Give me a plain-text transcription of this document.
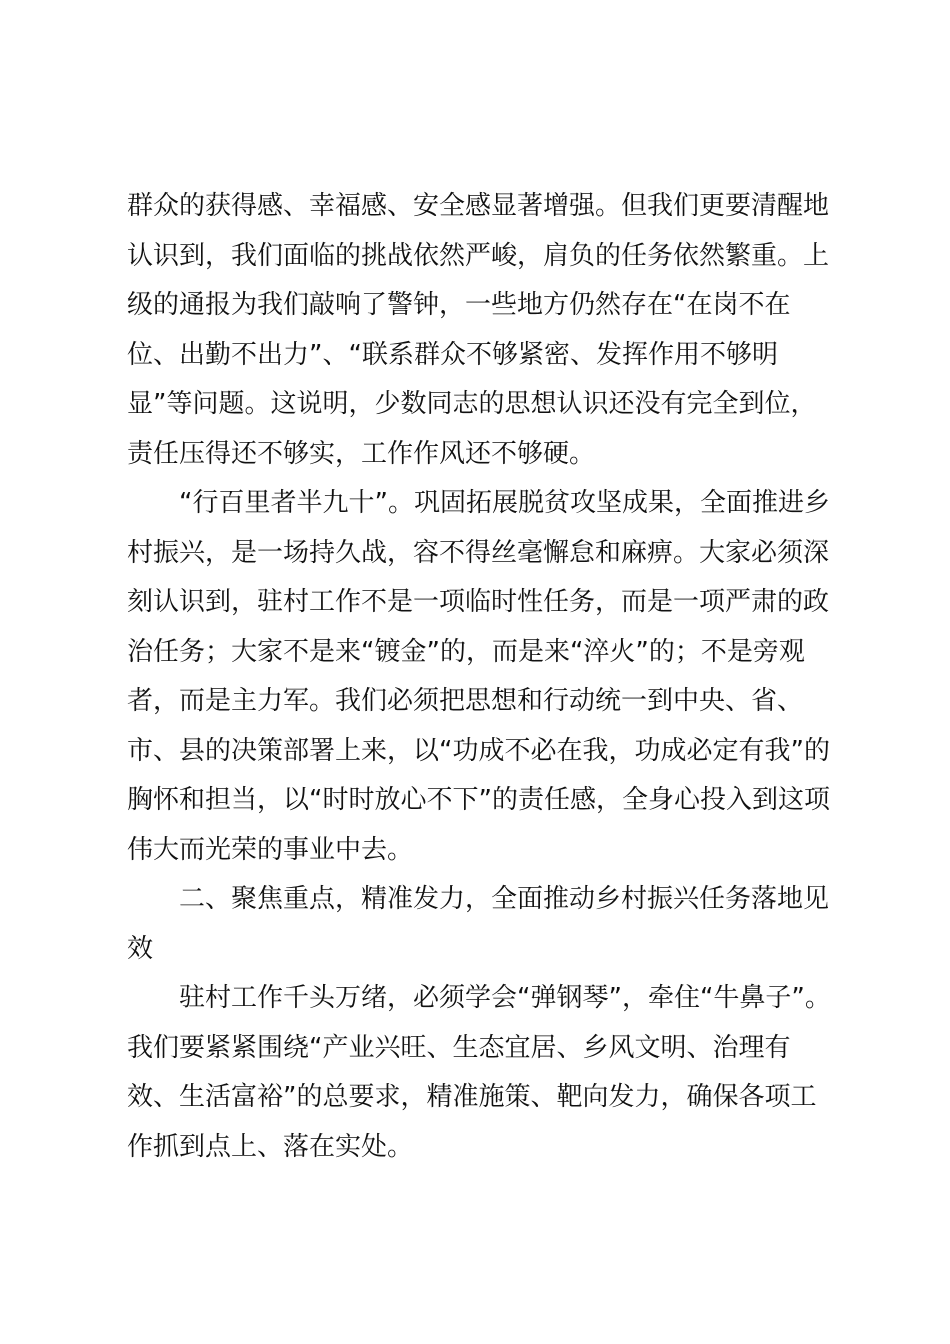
群众的获得感、幸福感、安全感显著增强。但我们更要清醒地认识到，我们面临的挑战依然严峻，肩负的任务依然繁重。上级的通报为我们敲响了警钟，一些地方仍然存在“在岗不在位、出勤不出力”、“联系群众不够紧密、发挥作用不够明显”等问题。这说明，少数同志的思想认识还没有完全到位，责任压得还不够实，工作作风还不够硬。

“行百里者半九十”。巩固拓展脱贫攻坚成果，全面推进乡村振兴，是一场持久战，容不得丝毫懈怠和麻痹。大家必须深刻认识到，驻村工作不是一项临时性任务，而是一项严肃的政治任务；大家不是来“镀金”的，而是来“淬火”的；不是旁观者，而是主力军。我们必须把思想和行动统一到中央、省、市、县的决策部署上来，以“功成不必在我，功成必定有我”的胸怀和担当，以“时时放心不下”的责任感，全身心投入到这项伟大而光荣的事业中去。

二、聚焦重点，精准发力，全面推动乡村振兴任务落地见效

驻村工作千头万绪，必须学会“弹钢琴”，牵住“牛鼻子”。我们要紧紧围绕“产业兴旺、生态宜居、乡风文明、治理有效、生活富裕”的总要求，精准施策、靶向发力，确保各项工作抓到点上、落在实处。
